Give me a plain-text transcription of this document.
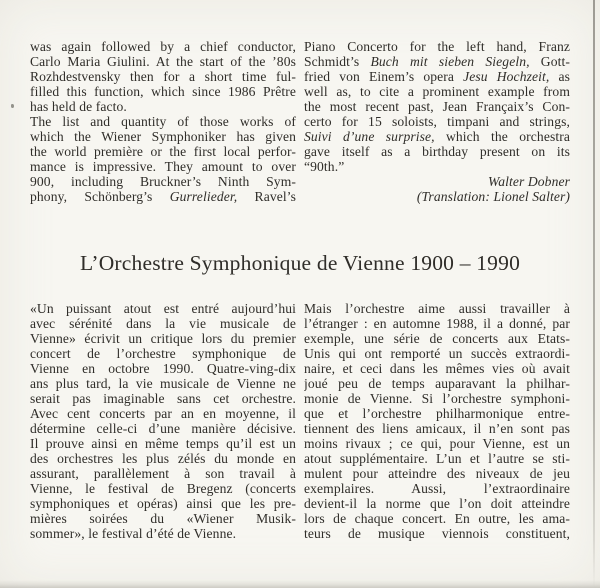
was again followed by a chief conductor,
Carlo Maria Giulini. At the start of the ’80s
Rozhdestvensky then for a short time ful-
filled this function, which since 1986 Prêtre
has held de facto.
The list and quantity of those works of
which the Wiener Symphoniker has given
the world première or the first local perfor-
mance is impressive. They amount to over
900, including Bruckner’s Ninth Sym-
phony, Schönberg’s Gurrelieder, Ravel’s
Piano Concerto for the left hand, Franz
Schmidt’s Buch mit sieben Siegeln, Gott-
fried von Einem’s opera Jesu Hochzeit, as
well as, to cite a prominent example from
the most recent past, Jean Françaix’s Con-
certo for 15 soloists, timpani and strings,
Suivi d’une surprise, which the orchestra
gave itself as a birthday present on its
“90th.”
Walter Dobner
(Translation: Lionel Salter)
L’Orchestre Symphonique de Vienne 1900 – 1990
«Un puissant atout est entré aujourd’hui
avec sérénité dans la vie musicale de
Vienne» écrivit un critique lors du premier
concert de l’orchestre symphonique de
Vienne en octobre 1990. Quatre-ving-dix
ans plus tard, la vie musicale de Vienne ne
serait pas imaginable sans cet orchestre.
Avec cent concerts par an en moyenne, il
détermine celle-ci d’une manière décisive.
Il prouve ainsi en même temps qu’il est un
des orchestres les plus zélés du monde en
assurant, parallèlement à son travail à
Vienne, le festival de Bregenz (concerts
symphoniques et opéras) ainsi que les pre-
mières soirées du «Wiener Musik-
sommer», le festival d’été de Vienne.
Mais l’orchestre aime aussi travailler à
l’étranger : en automne 1988, il a donné, par
exemple, une série de concerts aux Etats-
Unis qui ont remporté un succès extraordi-
naire, et ceci dans les mêmes vies où avait
joué peu de temps auparavant la philhar-
monie de Vienne. Si l’orchestre symphoni-
que et l’orchestre philharmonique entre-
tiennent des liens amicaux, il n’en sont pas
moins rivaux ; ce qui, pour Vienne, est un
atout supplémentaire. L’un et l’autre se sti-
mulent pour atteindre des niveaux de jeu
exemplaires. Aussi, l’extraordinaire
devient-il la norme que l’on doit atteindre
lors de chaque concert. En outre, les ama-
teurs de musique viennois constituent,
